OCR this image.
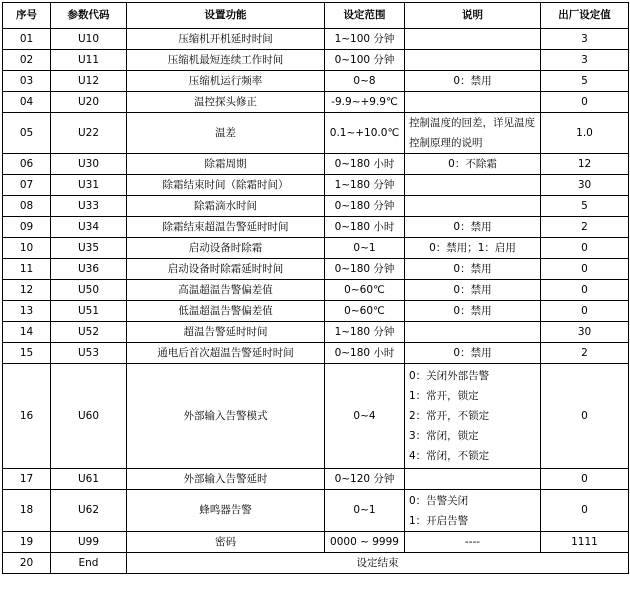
序号	参数代码	设置功能	设定范围	说明	出厂设定值
01	U10	压缩机开机延时时间	1~100 分钟		3
02	U11	压缩机最短连续工作时间	0~100 分钟		3
03	U12	压缩机运行频率	0~8	0：禁用	5
04	U20	温控探头修正	-9.9~+9.9℃		0
05	U22	温差	0.1~+10.0℃	控制温度的回差，详见温度控制原理的说明	1.0
06	U30	除霜周期	0~180 小时	0：不除霜	12
07	U31	除霜结束时间（除霜时间）	1~180 分钟		30
08	U33	除霜滴水时间	0~180 分钟		5
09	U34	除霜结束超温告警延时时间	0~180 小时	0：禁用	2
10	U35	启动设备时除霜	0~1	0：禁用；1：启用	0
11	U36	启动设备时除霜延时时间	0~180 分钟	0：禁用	0
12	U50	高温超温告警偏差值	0~60℃	0：禁用	0
13	U51	低温超温告警偏差值	0~60℃	0：禁用	0
14	U52	超温告警延时时间	1~180 分钟		30
15	U53	通电后首次超温告警延时时间	0~180 小时	0：禁用	2
16	U60	外部输入告警模式	0~4	0：关闭外部告警
1：常开，锁定
2：常开，不锁定
3：常闭，锁定
4：常闭，不锁定	0
17	U61	外部输入告警延时	0~120 分钟		0
18	U62	蜂鸣器告警	0~1	0：告警关闭
1：开启告警	0
19	U99	密码	0000 ~ 9999	----	1111
20	End	设定结束			
